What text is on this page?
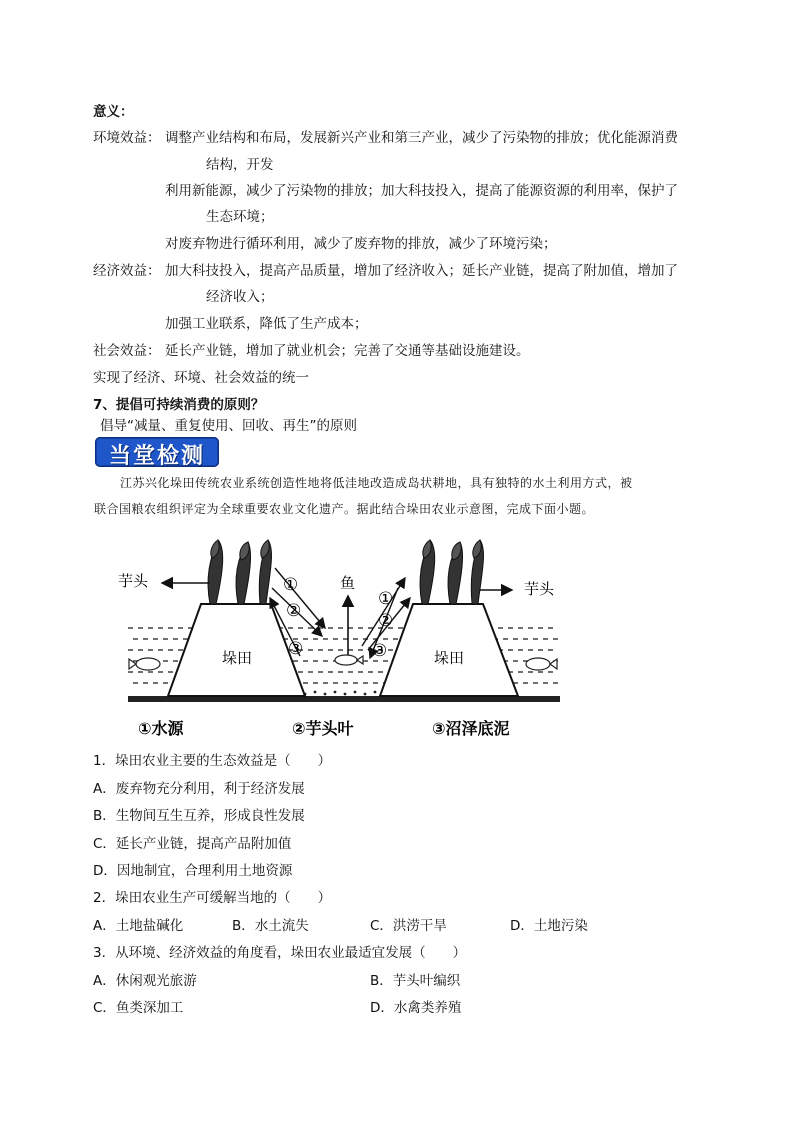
意义：
环境效益： 调整产业结构和布局，发展新兴产业和第三产业，减少了污染物的排放；优化能源消费
结构，开发
利用新能源，减少了污染物的排放；加大科技投入，提高了能源资源的利用率，保护了
生态环境；
对废弃物进行循环利用，减少了废弃物的排放，减少了环境污染；
经济效益： 加大科技投入，提高产品质量，增加了经济收入；延长产业链，提高了附加值，增加了
经济收入；
加强工业联系，降低了生产成本；
社会效益： 延长产业链，增加了就业机会；完善了交通等基础设施建设。
实现了经济、环境、社会效益的统一
7、提倡可持续消费的原则？
倡导“减量、重复使用、回收、再生”的原则
当堂检测
江苏兴化垛田传统农业系统创造性地将低洼地改造成岛状耕地，具有独特的水土利用方式，被
联合国粮农组织评定为全球重要农业文化遗产。据此结合垛田农业示意图，完成下面小题。
垛田	垛田
芋头	芋头
鱼
①
②
③
①
②
③
①水源	②芋头叶	③沼泽底泥
1．垛田农业主要的生态效益是（　　）
A．废弃物充分利用，利于经济发展
B．生物间互生互养，形成良性发展
C．延长产业链，提高产品附加值
D．因地制宜，合理利用土地资源
2．垛田农业生产可缓解当地的（　　）
A．土地盐碱化	B．水土流失	C．洪涝干旱	D．土地污染
3．从环境、经济效益的角度看，垛田农业最适宜发展（　　）
A．休闲观光旅游	B．芋头叶编织
C．鱼类深加工	D．水禽类养殖
